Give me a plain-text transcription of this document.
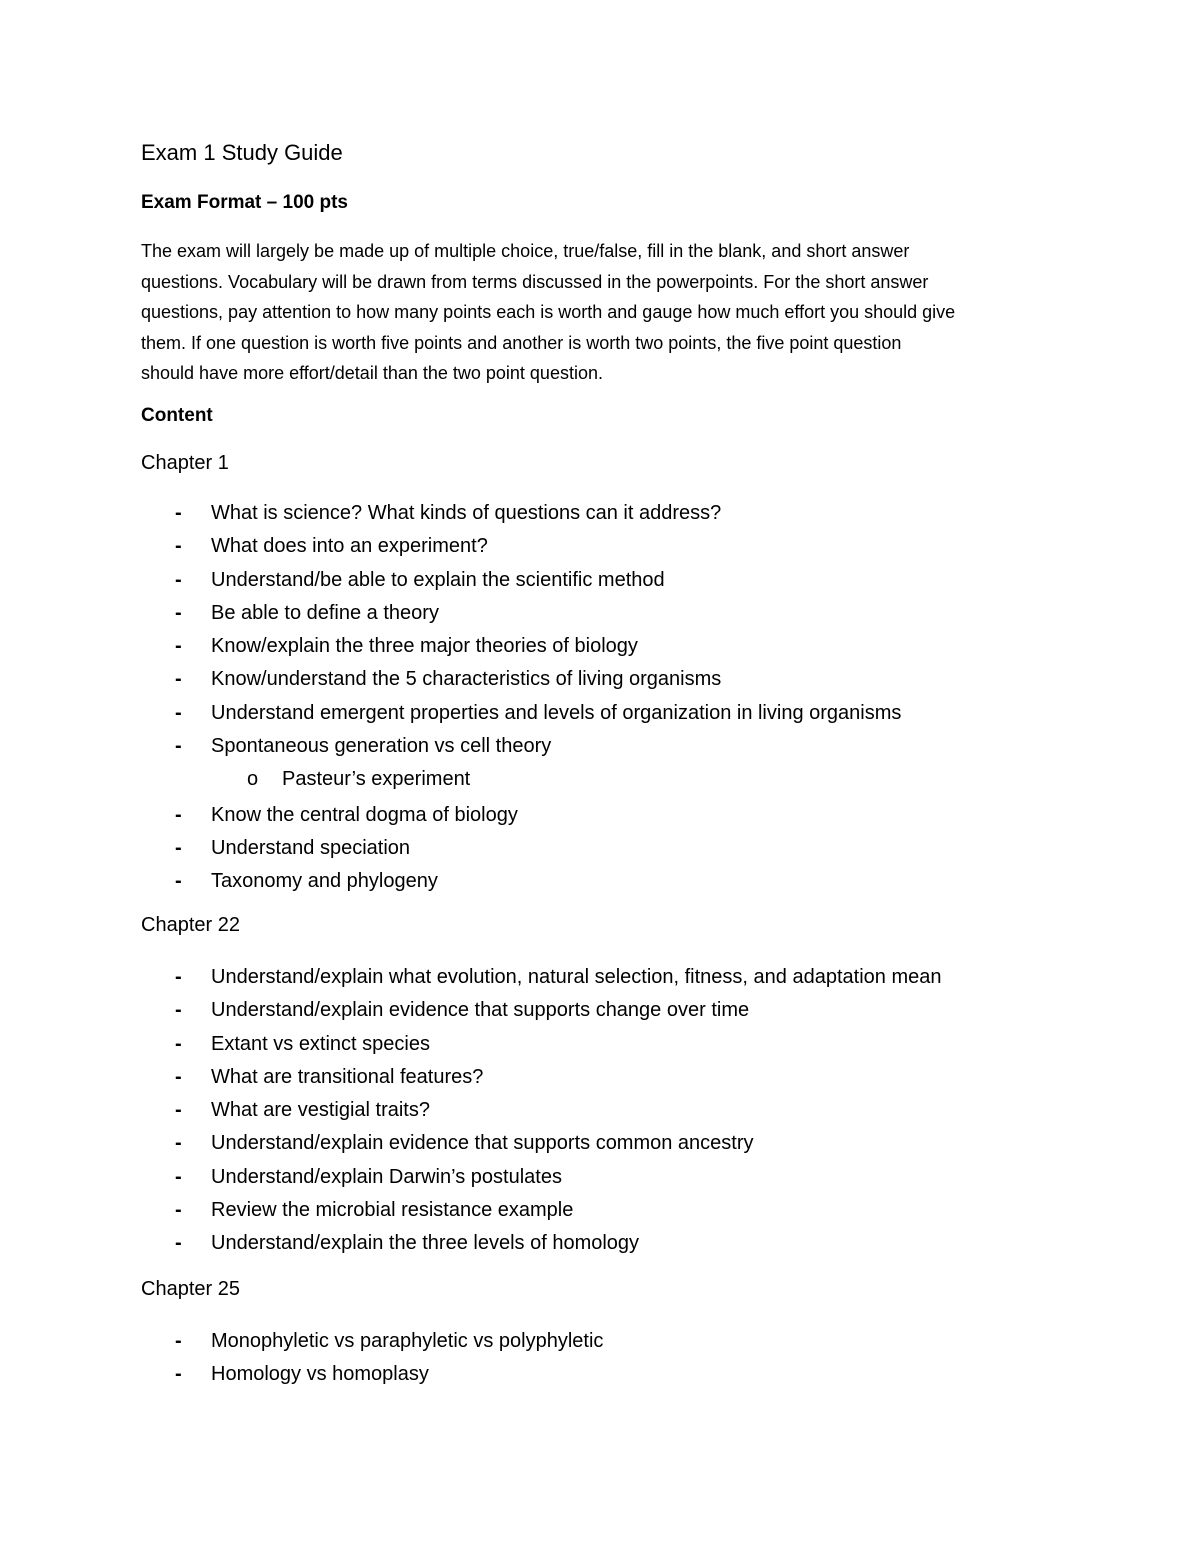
Exam 1 Study Guide
Exam Format – 100 pts
The exam will largely be made up of multiple choice, true/false, fill in the blank, and short answer
questions. Vocabulary will be drawn from terms discussed in the powerpoints. For the short answer
questions, pay attention to how many points each is worth and gauge how much effort you should give
them. If one question is worth five points and another is worth two points, the five point question
should have more effort/detail than the two point question.
Content
Chapter 1
- What is science? What kinds of questions can it address?
- What does into an experiment?
- Understand/be able to explain the scientific method
- Be able to define a theory
- Know/explain the three major theories of biology
- Know/understand the 5 characteristics of living organisms
- Understand emergent properties and levels of organization in living organisms
- Spontaneous generation vs cell theory
o Pasteur’s experiment
- Know the central dogma of biology
- Understand speciation
- Taxonomy and phylogeny
Chapter 22
- Understand/explain what evolution, natural selection, fitness, and adaptation mean
- Understand/explain evidence that supports change over time
- Extant vs extinct species
- What are transitional features?
- What are vestigial traits?
- Understand/explain evidence that supports common ancestry
- Understand/explain Darwin’s postulates
- Review the microbial resistance example
- Understand/explain the three levels of homology
Chapter 25
- Monophyletic vs paraphyletic vs polyphyletic
- Homology vs homoplasy
